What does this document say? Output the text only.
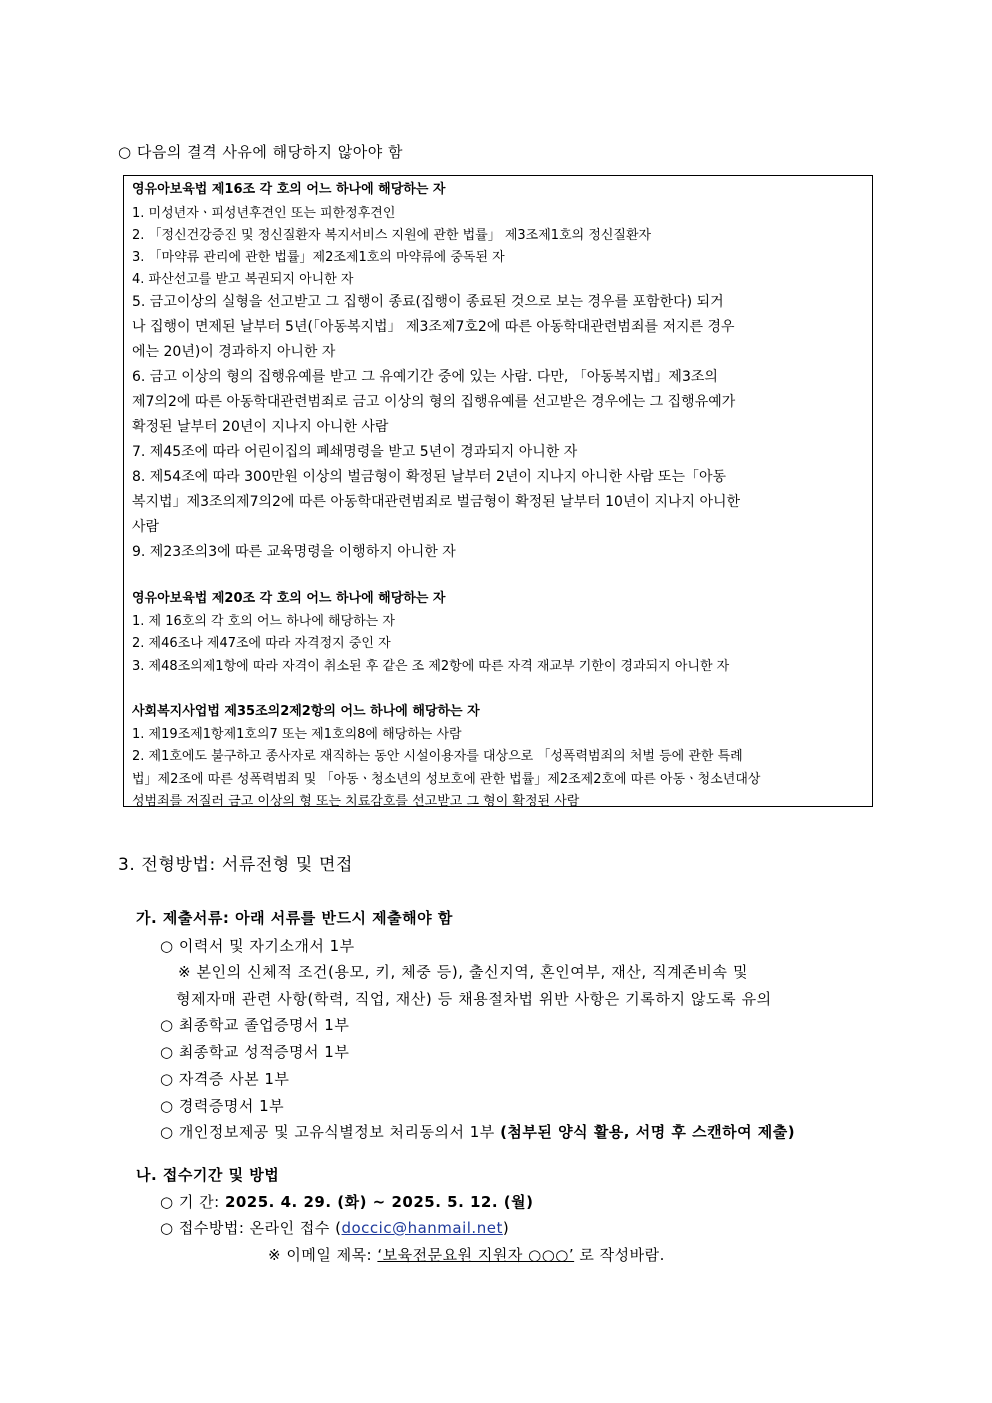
○ 다음의 결격 사유에 해당하지 않아야 함
영유아보육법 제16조 각 호의 어느 하나에 해당하는 자
1. 미성년자ㆍ피성년후견인 또는 피한정후견인
2. 「정신건강증진 및 정신질환자 복지서비스 지원에 관한 법률」 제3조제1호의 정신질환자
3. 「마약류 관리에 관한 법률」제2조제1호의 마약류에 중독된 자
4. 파산선고를 받고 복권되지 아니한 자
5. 금고이상의 실형을 선고받고 그 집행이 종료(집행이 종료된 것으로 보는 경우를 포함한다) 되거
나 집행이 면제된 날부터 5년(「아동복지법」 제3조제7호2에 따른 아동학대관련범죄를 저지른 경우
에는 20년)이 경과하지 아니한 자
6. 금고 이상의 형의 집행유예를 받고 그 유예기간 중에 있는 사람. 다만, 「아동복지법」제3조의
제7의2에 따른 아동학대관련범죄로 금고 이상의 형의 집행유예를 선고받은 경우에는 그 집행유예가
확정된 날부터 20년이 지나지 아니한 사람
7. 제45조에 따라 어린이집의 폐쇄명령을 받고 5년이 경과되지 아니한 자
8. 제54조에 따라 300만원 이상의 벌금형이 확정된 날부터 2년이 지나지 아니한 사람 또는「아동
복지법」제3조의제7의2에 따른 아동학대관련범죄로 벌금형이 확정된 날부터 10년이 지나지 아니한
사람
9. 제23조의3에 따른 교육명령을 이행하지 아니한 자
영유아보육법 제20조 각 호의 어느 하나에 해당하는 자
1. 제 16호의 각 호의 어느 하나에 해당하는 자
2. 제46조나 제47조에 따라 자격정지 중인 자
3. 제48조의제1항에 따라 자격이 취소된 후 같은 조 제2항에 따른 자격 재교부 기한이 경과되지 아니한 자
사회복지사업법 제35조의2제2항의 어느 하나에 해당하는 자
1. 제19조제1항제1호의7 또는 제1호의8에 해당하는 사람
2. 제1호에도 불구하고 종사자로 재직하는 동안 시설이용자를 대상으로 「성폭력범죄의 처벌 등에 관한 특례
법」제2조에 따른 성폭력범죄 및 「아동ㆍ청소년의 성보호에 관한 법률」제2조제2호에 따른 아동ㆍ청소년대상
성범죄를 저질러 금고 이상의 형 또는 치료감호를 선고받고 그 형이 확정된 사람
3. 전형방법: 서류전형 및 면접
가. 제출서류: 아래 서류를 반드시 제출해야 함
○ 이력서 및 자기소개서 1부
※ 본인의 신체적 조건(용모, 키, 체중 등), 출신지역, 혼인여부, 재산, 직계존비속 및
형제자매 관련 사항(학력, 직업, 재산) 등 채용절차법 위반 사항은 기록하지 않도록 유의
○ 최종학교 졸업증명서 1부
○ 최종학교 성적증명서 1부
○ 자격증 사본 1부
○ 경력증명서 1부
○ 개인정보제공 및 고유식별정보 처리동의서 1부 (첨부된 양식 활용, 서명 후 스캔하여 제출)
나. 접수기간 및 방법
○ 기 간: 2025. 4. 29. (화) ~ 2025. 5. 12. (월)
○ 접수방법: 온라인 접수 (doccic@hanmail.net)
※ 이메일 제목: ‘보육전문요원 지원자 ○○○’ 로 작성바람.
